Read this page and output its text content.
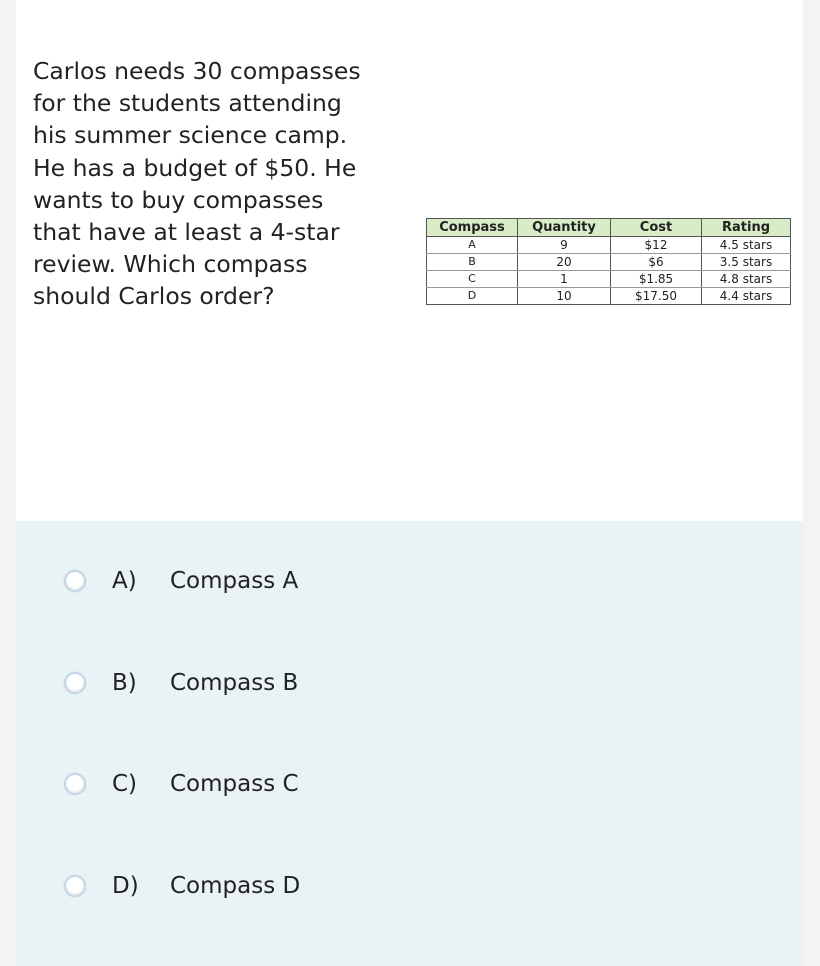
Carlos needs 30 compasses
for the students attending
his summer science camp.
He has a budget of $50. He
wants to buy compasses
that have at least a 4-star
review. Which compass
should Carlos order?
Compass	Quantity	Cost	Rating
A	9	$12	4.5 stars
B	20	$6	3.5 stars
C	1	$1.85	4.8 stars
D	10	$17.50	4.4 stars
A)	Compass A
B)	Compass B
C)	Compass C
D)	Compass D
